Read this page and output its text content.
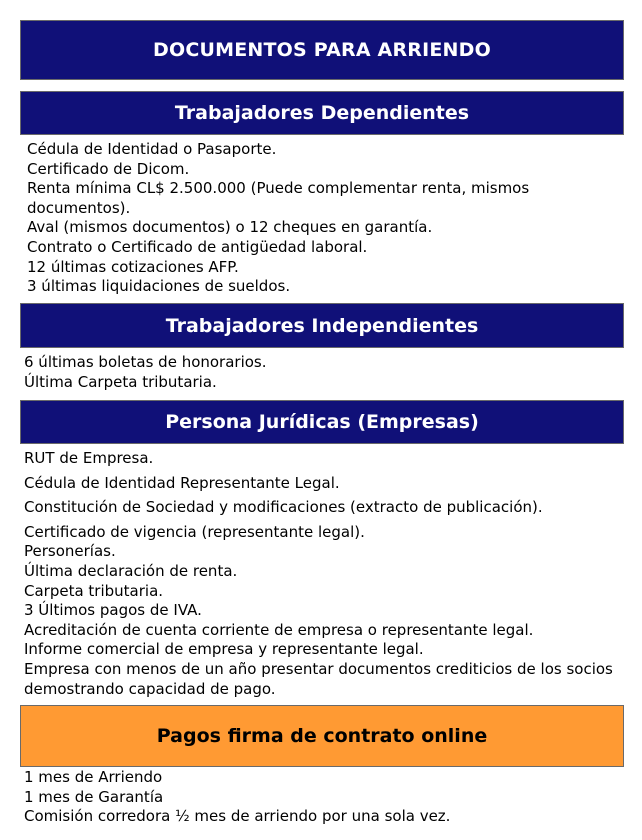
DOCUMENTOS PARA ARRIENDO
Trabajadores Dependientes
Cédula de Identidad o Pasaporte.
Certificado de Dicom.
Renta mínima CL$ 2.500.000 (Puede complementar renta, mismos documentos).
Aval (mismos documentos) o 12 cheques en garantía.
Contrato o Certificado de antigüedad laboral.
12 últimas cotizaciones AFP.
3 últimas liquidaciones de sueldos.
Trabajadores Independientes
6 últimas boletas de honorarios.
Última Carpeta tributaria.
Persona Jurídicas (Empresas)
RUT de Empresa.
Cédula de Identidad Representante Legal.
Constitución de Sociedad y modificaciones (extracto de publicación).
Certificado de vigencia (representante legal).
Personerías.
Última declaración de renta.
Carpeta tributaria.
3 Últimos pagos de IVA.
Acreditación de cuenta corriente de empresa o representante legal.
Informe comercial de empresa y representante legal.
Empresa con menos de un año presentar documentos crediticios de los socios demostrando capacidad de pago.
Pagos firma de contrato online
1 mes de Arriendo
1 mes de Garantía
Comisión corredora ½ mes de arriendo por una sola vez.
